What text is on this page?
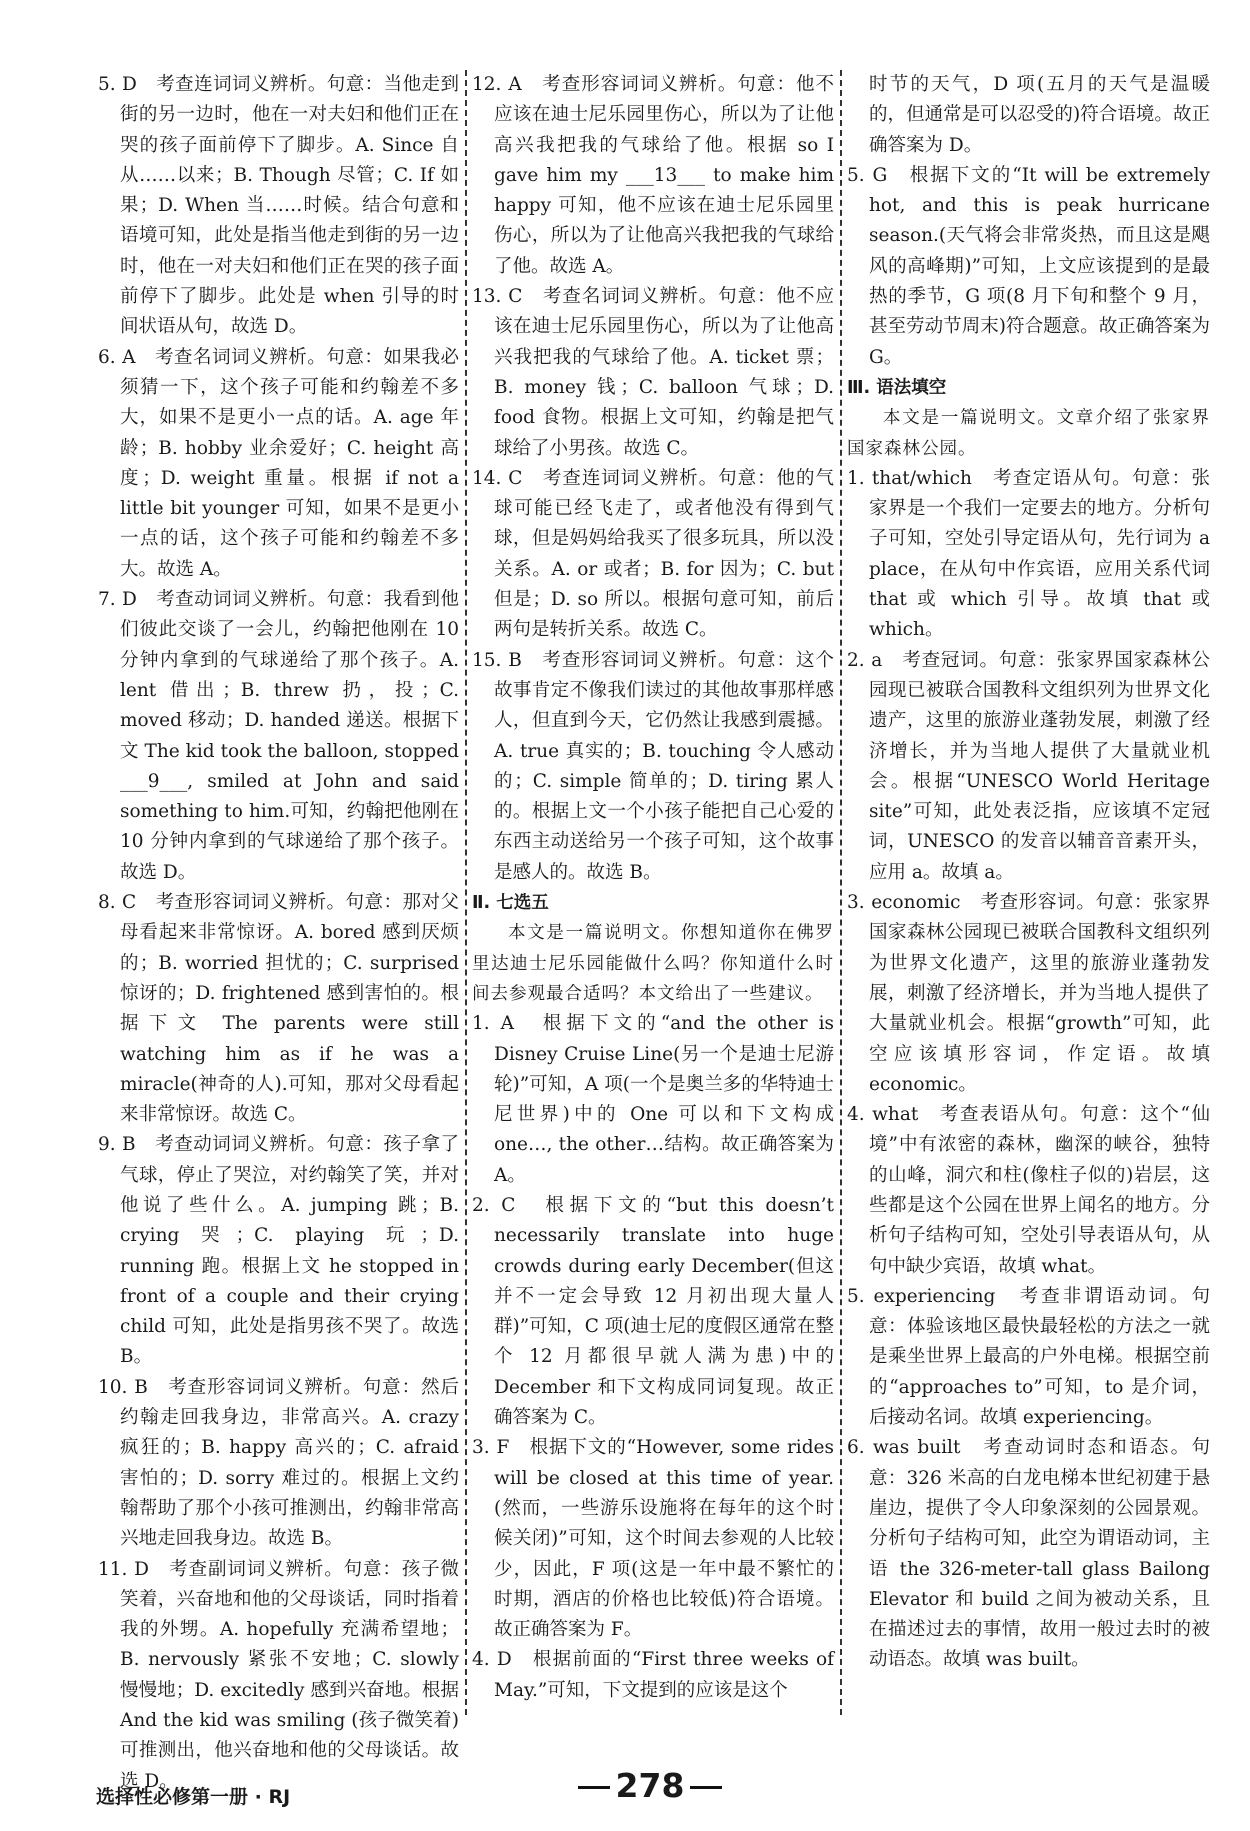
5. D　考查连词词义辨析。句意：当他走到街的另一边时，他在一对夫妇和他们正在哭的孩子面前停下了脚步。A. Since 自从……以来；B. Though 尽管；C. If 如果；D. When 当……时候。结合句意和语境可知，此处是指当他走到街的另一边时，他在一对夫妇和他们正在哭的孩子面前停下了脚步。此处是 when 引导的时间状语从句，故选 D。

6. A　考查名词词义辨析。句意：如果我必须猜一下，这个孩子可能和约翰差不多大，如果不是更小一点的话。A. age 年龄；B. hobby 业余爱好；C. height 高度；D. weight 重量。根据 if not a little bit younger 可知，如果不是更小一点的话，这个孩子可能和约翰差不多大。故选 A。

7. D　考查动词词义辨析。句意：我看到他们彼此交谈了一会儿，约翰把他刚在 10 分钟内拿到的气球递给了那个孩子。A. lent 借出；B. threw 扔，投；C. moved 移动；D. handed 递送。根据下文 The kid took the balloon, stopped ___9___, smiled at John and said something to him.可知，约翰把他刚在 10 分钟内拿到的气球递给了那个孩子。故选 D。

8. C　考查形容词词义辨析。句意：那对父母看起来非常惊讶。A. bored 感到厌烦的；B. worried 担忧的；C. surprised 惊讶的；D. frightened 感到害怕的。根据下文 The parents were still watching him as if he was a miracle(神奇的人).可知，那对父母看起来非常惊讶。故选 C。

9. B　考查动词词义辨析。句意：孩子拿了气球，停止了哭泣，对约翰笑了笑，并对他说了些什么。A. jumping 跳；B. crying 哭；C. playing 玩；D. running 跑。根据上文 he stopped in front of a couple and their crying child 可知，此处是指男孩不哭了。故选 B。

10. B　考查形容词词义辨析。句意：然后约翰走回我身边，非常高兴。A. crazy 疯狂的；B. happy 高兴的；C. afraid 害怕的；D. sorry 难过的。根据上文约翰帮助了那个小孩可推测出，约翰非常高兴地走回我身边。故选 B。

11. D　考查副词词义辨析。句意：孩子微笑着，兴奋地和他的父母谈话，同时指着我的外甥。A. hopefully 充满希望地；B. nervously 紧张不安地；C. slowly 慢慢地；D. excitedly 感到兴奋地。根据 And the kid was smiling (孩子微笑着)可推测出，他兴奋地和他的父母谈话。故选 D。

12. A　考查形容词词义辨析。句意：他不应该在迪士尼乐园里伤心，所以为了让他高兴我把我的气球给了他。根据 so I gave him my ___13___ to make him happy 可知，他不应该在迪士尼乐园里伤心，所以为了让他高兴我把我的气球给了他。故选 A。

13. C　考查名词词义辨析。句意：他不应该在迪士尼乐园里伤心，所以为了让他高兴我把我的气球给了他。A. ticket 票；B. money 钱；C. balloon 气球；D. food 食物。根据上文可知，约翰是把气球给了小男孩。故选 C。

14. C　考查连词词义辨析。句意：他的气球可能已经飞走了，或者他没有得到气球，但是妈妈给我买了很多玩具，所以没关系。A. or 或者；B. for 因为；C. but 但是；D. so 所以。根据句意可知，前后两句是转折关系。故选 C。

15. B　考查形容词词义辨析。句意：这个故事肯定不像我们读过的其他故事那样感人，但直到今天，它仍然让我感到震撼。A. true 真实的；B. touching 令人感动的；C. simple 简单的；D. tiring 累人的。根据上文一个小孩子能把自己心爱的东西主动送给另一个孩子可知，这个故事是感人的。故选 B。

Ⅱ. 七选五

本文是一篇说明文。你想知道你在佛罗里达迪士尼乐园能做什么吗？你知道什么时间去参观最合适吗？本文给出了一些建议。

1. A　根据下文的“and the other is Disney Cruise Line(另一个是迪士尼游轮)”可知，A 项(一个是奥兰多的华特迪士尼世界)中的 One 可以和下文构成 one…, the other…结构。故正确答案为 A。

2. C　根据下文的“but this doesn’t necessarily translate into huge crowds during early December(但这并不一定会导致 12 月初出现大量人群)”可知，C 项(迪士尼的度假区通常在整个 12 月都很早就人满为患)中的 December 和下文构成同词复现。故正确答案为 C。

3. F　根据下文的“However, some rides will be closed at this time of year.(然而，一些游乐设施将在每年的这个时候关闭)”可知，这个时间去参观的人比较少，因此，F 项(这是一年中最不繁忙的时期，酒店的价格也比较低)符合语境。故正确答案为 F。

4. D　根据前面的“First three weeks of May.”可知，下文提到的应该是这个

时节的天气，D 项(五月的天气是温暖的，但通常是可以忍受的)符合语境。故正确答案为 D。

5. G　根据下文的“It will be extremely hot, and this is peak hurricane season.(天气将会非常炎热，而且这是飓风的高峰期)”可知，上文应该提到的是最热的季节，G 项(8 月下旬和整个 9 月，甚至劳动节周末)符合题意。故正确答案为 G。

Ⅲ. 语法填空

本文是一篇说明文。文章介绍了张家界国家森林公园。

1. that/which　考查定语从句。句意：张家界是一个我们一定要去的地方。分析句子可知，空处引导定语从句，先行词为 a place，在从句中作宾语，应用关系代词 that 或 which 引导。故填 that 或 which。

2. a　考查冠词。句意：张家界国家森林公园现已被联合国教科文组织列为世界文化遗产，这里的旅游业蓬勃发展，刺激了经济增长，并为当地人提供了大量就业机会。根据“UNESCO World Heritage site”可知，此处表泛指，应该填不定冠词，UNESCO 的发音以辅音音素开头，应用 a。故填 a。

3. economic　考查形容词。句意：张家界国家森林公园现已被联合国教科文组织列为世界文化遗产，这里的旅游业蓬勃发展，刺激了经济增长，并为当地人提供了大量就业机会。根据“growth”可知，此空应该填形容词，作定语。故填 economic。

4. what　考查表语从句。句意：这个“仙境”中有浓密的森林，幽深的峡谷，独特的山峰，洞穴和柱(像柱子似的)岩层，这些都是这个公园在世界上闻名的地方。分析句子结构可知，空处引导表语从句，从句中缺少宾语，故填 what。

5. experiencing　考查非谓语动词。句意：体验该地区最快最轻松的方法之一就是乘坐世界上最高的户外电梯。根据空前的“approaches to”可知，to 是介词，后接动名词。故填 experiencing。

6. was built　考查动词时态和语态。句意：326 米高的白龙电梯本世纪初建于悬崖边，提供了令人印象深刻的公园景观。分析句子结构可知，此空为谓语动词，主语 the 326-meter-tall glass Bailong Elevator 和 build 之间为被动关系，且在描述过去的事情，故用一般过去时的被动语态。故填 was built。

选择性必修第一册 · RJ	278
